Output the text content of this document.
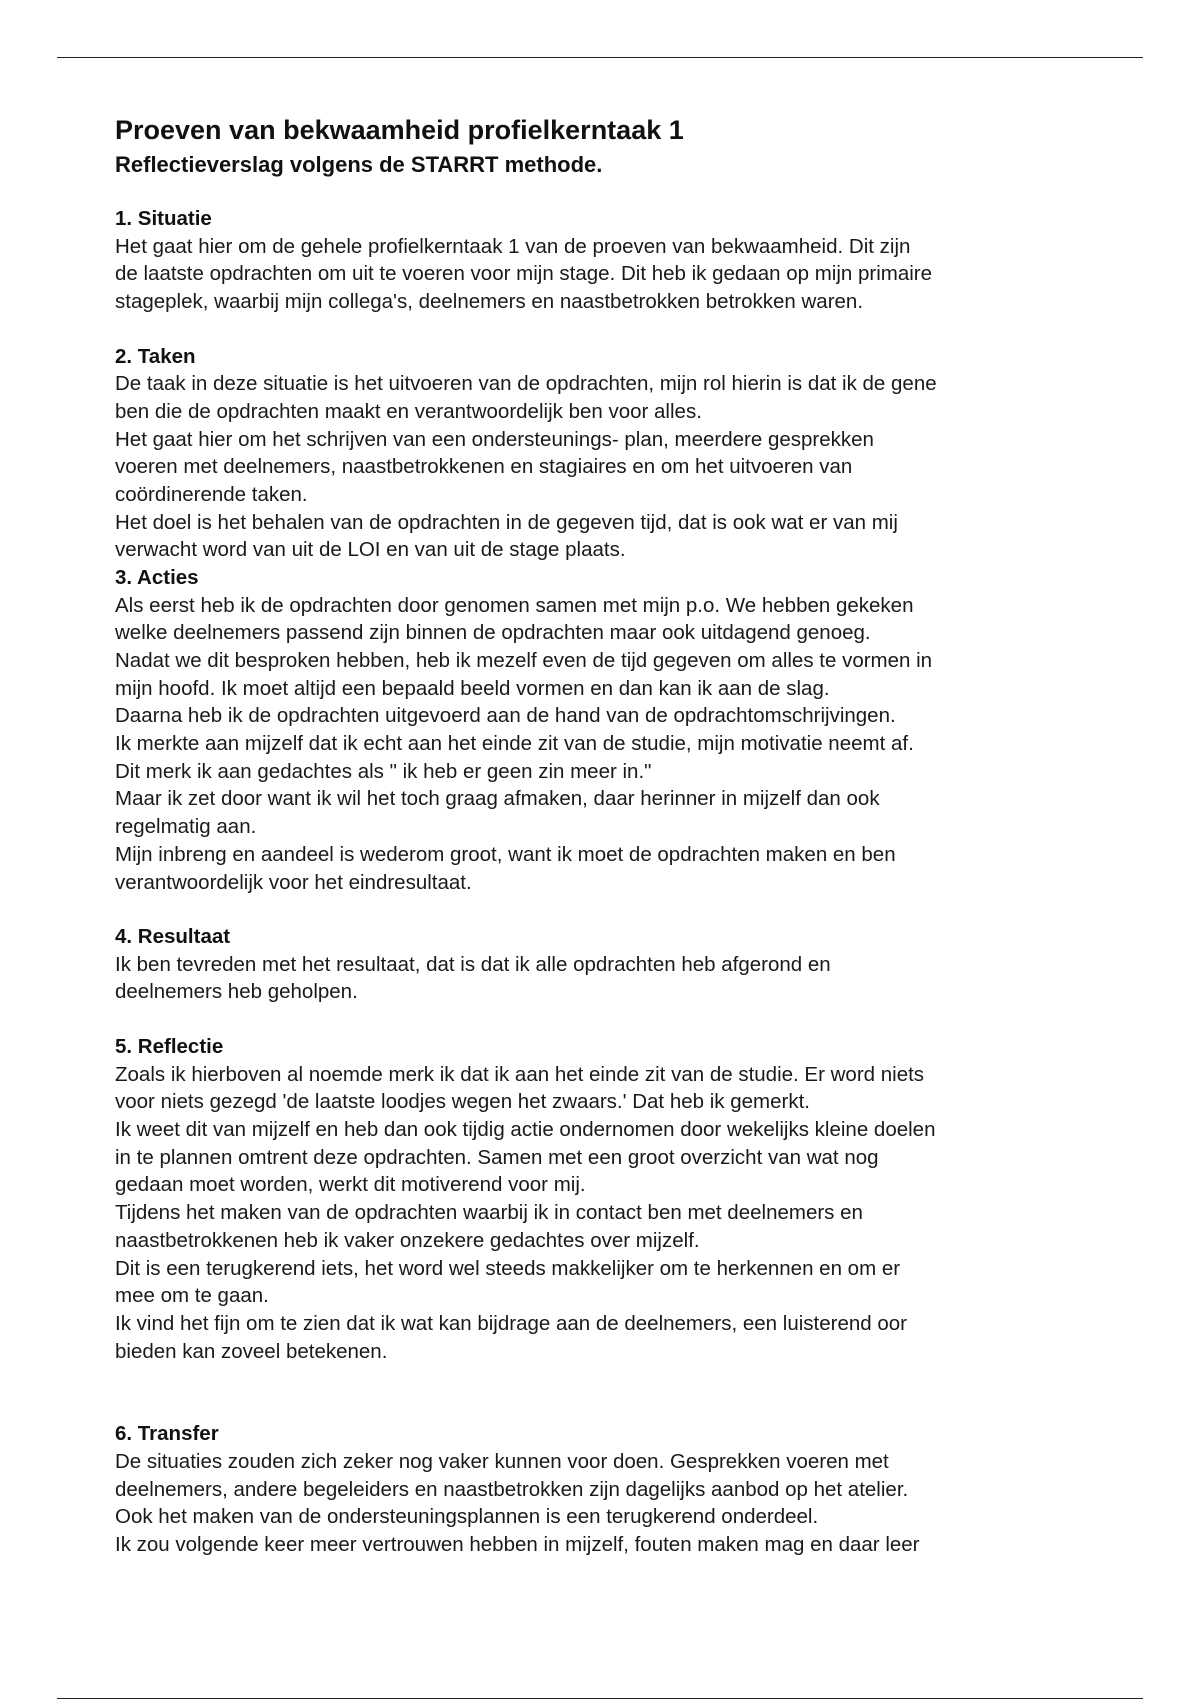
Proeven van bekwaamheid profielkerntaak 1
Reflectieverslag volgens de STARRT methode.
1. Situatie
Het gaat hier om de gehele profielkerntaak 1 van de proeven van bekwaamheid. Dit zijn
de laatste opdrachten om uit te voeren voor mijn stage. Dit heb ik gedaan op mijn primaire
stageplek, waarbij mijn collega's, deelnemers en naastbetrokken betrokken waren.
2. Taken
De taak in deze situatie is het uitvoeren van de opdrachten, mijn rol hierin is dat ik de gene
ben die de opdrachten maakt en verantwoordelijk ben voor alles.
Het gaat hier om het schrijven van een ondersteunings- plan, meerdere gesprekken
voeren met deelnemers, naastbetrokkenen en stagiaires en om het uitvoeren van
coördinerende taken.
Het doel is het behalen van de opdrachten in de gegeven tijd, dat is ook wat er van mij
verwacht word van uit de LOI en van uit de stage plaats.
3. Acties
Als eerst heb ik de opdrachten door genomen samen met mijn p.o. We hebben gekeken
welke deelnemers passend zijn binnen de opdrachten maar ook uitdagend genoeg.
Nadat we dit besproken hebben, heb ik mezelf even de tijd gegeven om alles te vormen in
mijn hoofd. Ik moet altijd een bepaald beeld vormen en dan kan ik aan de slag.
Daarna heb ik de opdrachten uitgevoerd aan de hand van de opdrachtomschrijvingen.
Ik merkte aan mijzelf dat ik echt aan het einde zit van de studie, mijn motivatie neemt af.
Dit merk ik aan gedachtes als " ik heb er geen zin meer in."
Maar ik zet door want ik wil het toch graag afmaken, daar herinner in mijzelf dan ook
regelmatig aan.
Mijn inbreng en aandeel is wederom groot, want ik moet de opdrachten maken en ben
verantwoordelijk voor het eindresultaat.
4. Resultaat
Ik ben tevreden met het resultaat, dat is dat ik alle opdrachten heb afgerond en
deelnemers heb geholpen.
5. Reflectie
Zoals ik hierboven al noemde merk ik dat ik aan het einde zit van de studie. Er word niets
voor niets gezegd 'de laatste loodjes wegen het zwaars.' Dat heb ik gemerkt.
Ik weet dit van mijzelf en heb dan ook tijdig actie ondernomen door wekelijks kleine doelen
in te plannen omtrent deze opdrachten. Samen met een groot overzicht van wat nog
gedaan moet worden, werkt dit motiverend voor mij.
Tijdens het maken van de opdrachten waarbij ik in contact ben met deelnemers en
naastbetrokkenen heb ik vaker onzekere gedachtes over mijzelf.
Dit is een terugkerend iets, het word wel steeds makkelijker om te herkennen en om er
mee om te gaan.
Ik vind het fijn om te zien dat ik wat kan bijdrage aan de deelnemers, een luisterend oor
bieden kan zoveel betekenen.
6. Transfer
De situaties zouden zich zeker nog vaker kunnen voor doen. Gesprekken voeren met
deelnemers, andere begeleiders en naastbetrokken zijn dagelijks aanbod op het atelier.
Ook het maken van de ondersteuningsplannen is een terugkerend onderdeel.
Ik zou volgende keer meer vertrouwen hebben in mijzelf, fouten maken mag en daar leer
